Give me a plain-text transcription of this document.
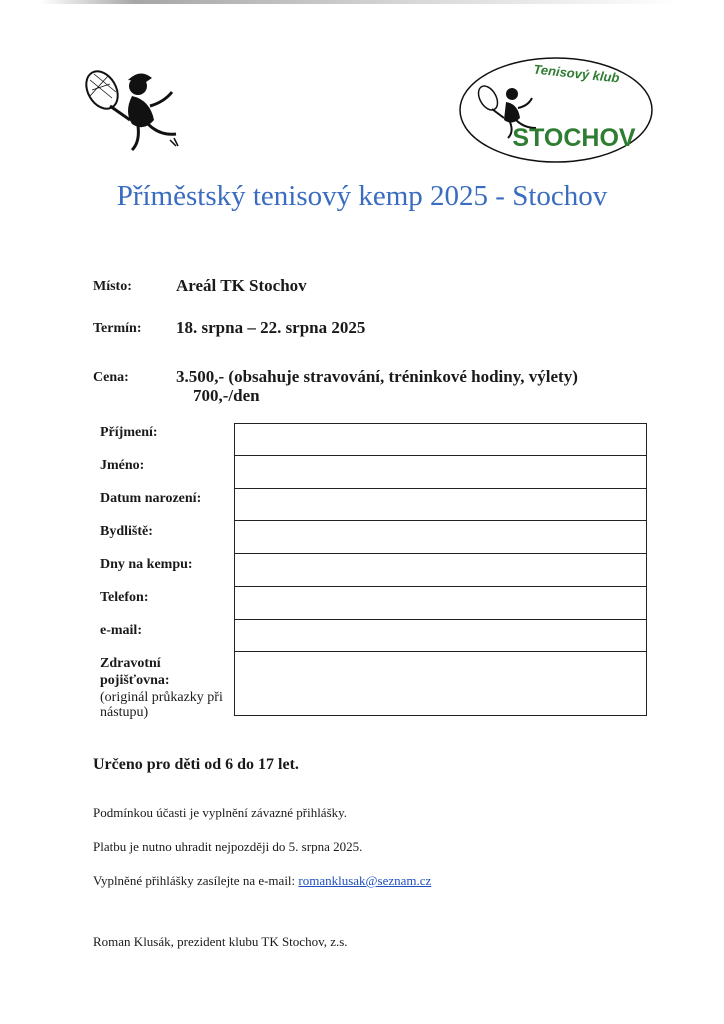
Tenisový klub
STOCHOV
Příměstský tenisový kemp 2025 - Stochov
Místo:	Areál TK Stochov
Termín: 18. srpna – 22. srpna 2025
Cena:	3.500,- (obsahuje stravování, tréninkové hodiny, výlety)
700,-/den
Příjmení:
Jméno:
Datum narození:
Bydliště:
Dny na kempu:
Telefon:
e-mail:
Zdravotní
pojišťovna:
(originál průkazky při
nástupu)
Určeno pro děti od 6 do 17 let.
Podmínkou účasti je vyplnění závazné přihlášky.
Platbu je nutno uhradit nejpozději do 5. srpna 2025.
Vyplněné přihlášky zasílejte na e-mail: romanklusak@seznam.cz
Roman Klusák, prezident klubu TK Stochov, z.s.
